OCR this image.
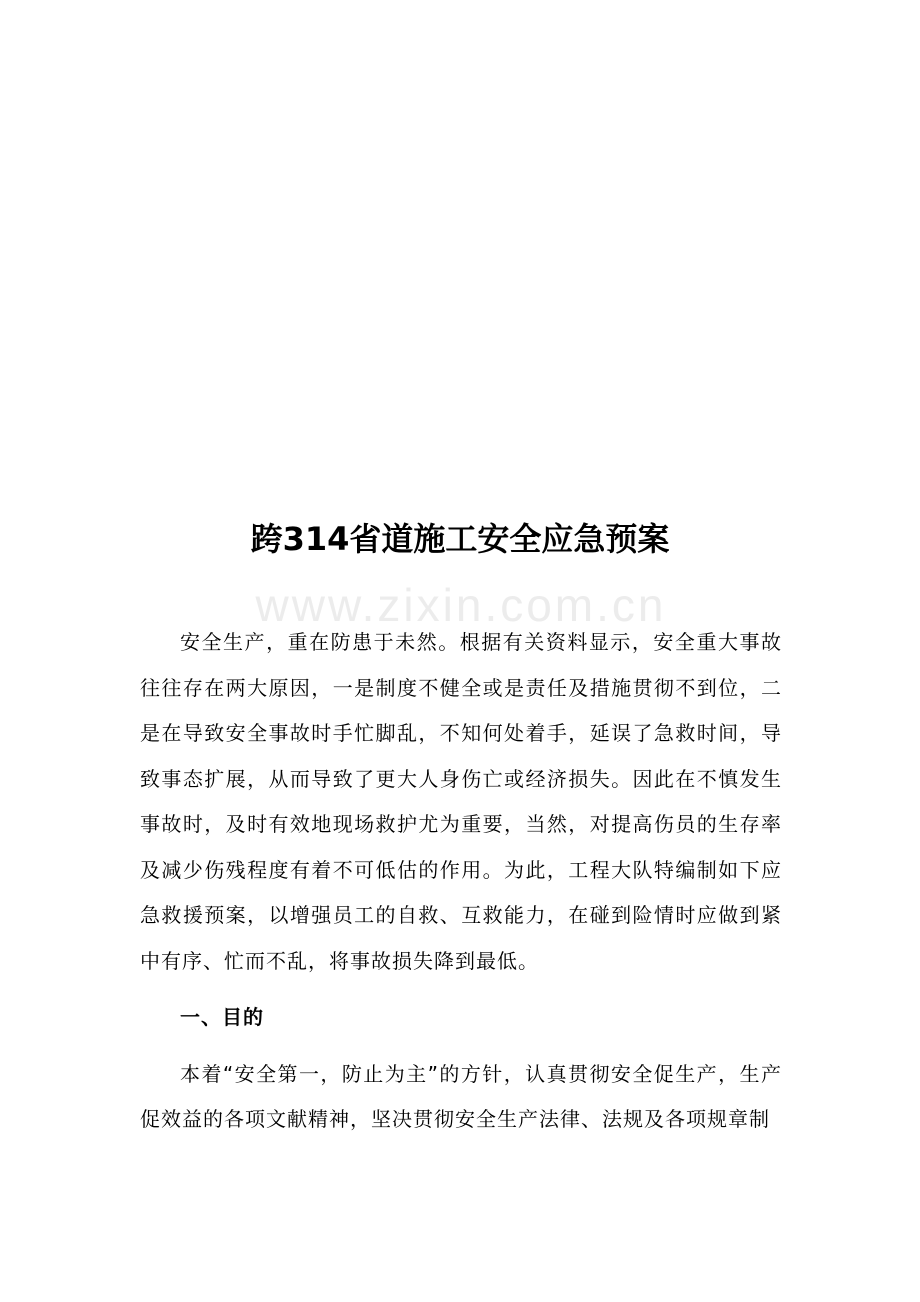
www.zixin.com.cn
跨314省道施工安全应急预案

安全生产，重在防患于未然。根据有关资料显示，安全重大事故往往存在两大原因，一是制度不健全或是责任及措施贯彻不到位，二是在导致安全事故时手忙脚乱，不知何处着手，延误了急救时间，导致事态扩展，从而导致了更大人身伤亡或经济损失。因此在不慎发生事故时，及时有效地现场救护尤为重要，当然，对提高伤员的生存率及减少伤残程度有着不可低估的作用。为此，工程大队特编制如下应急救援预案，以增强员工的自救、互救能力，在碰到险情时应做到紧中有序、忙而不乱，将事故损失降到最低。

一、目的

本着“安全第一，防止为主”的方针，认真贯彻安全促生产，生产促效益的各项文献精神，坚决贯彻安全生产法律、法规及各项规章制
